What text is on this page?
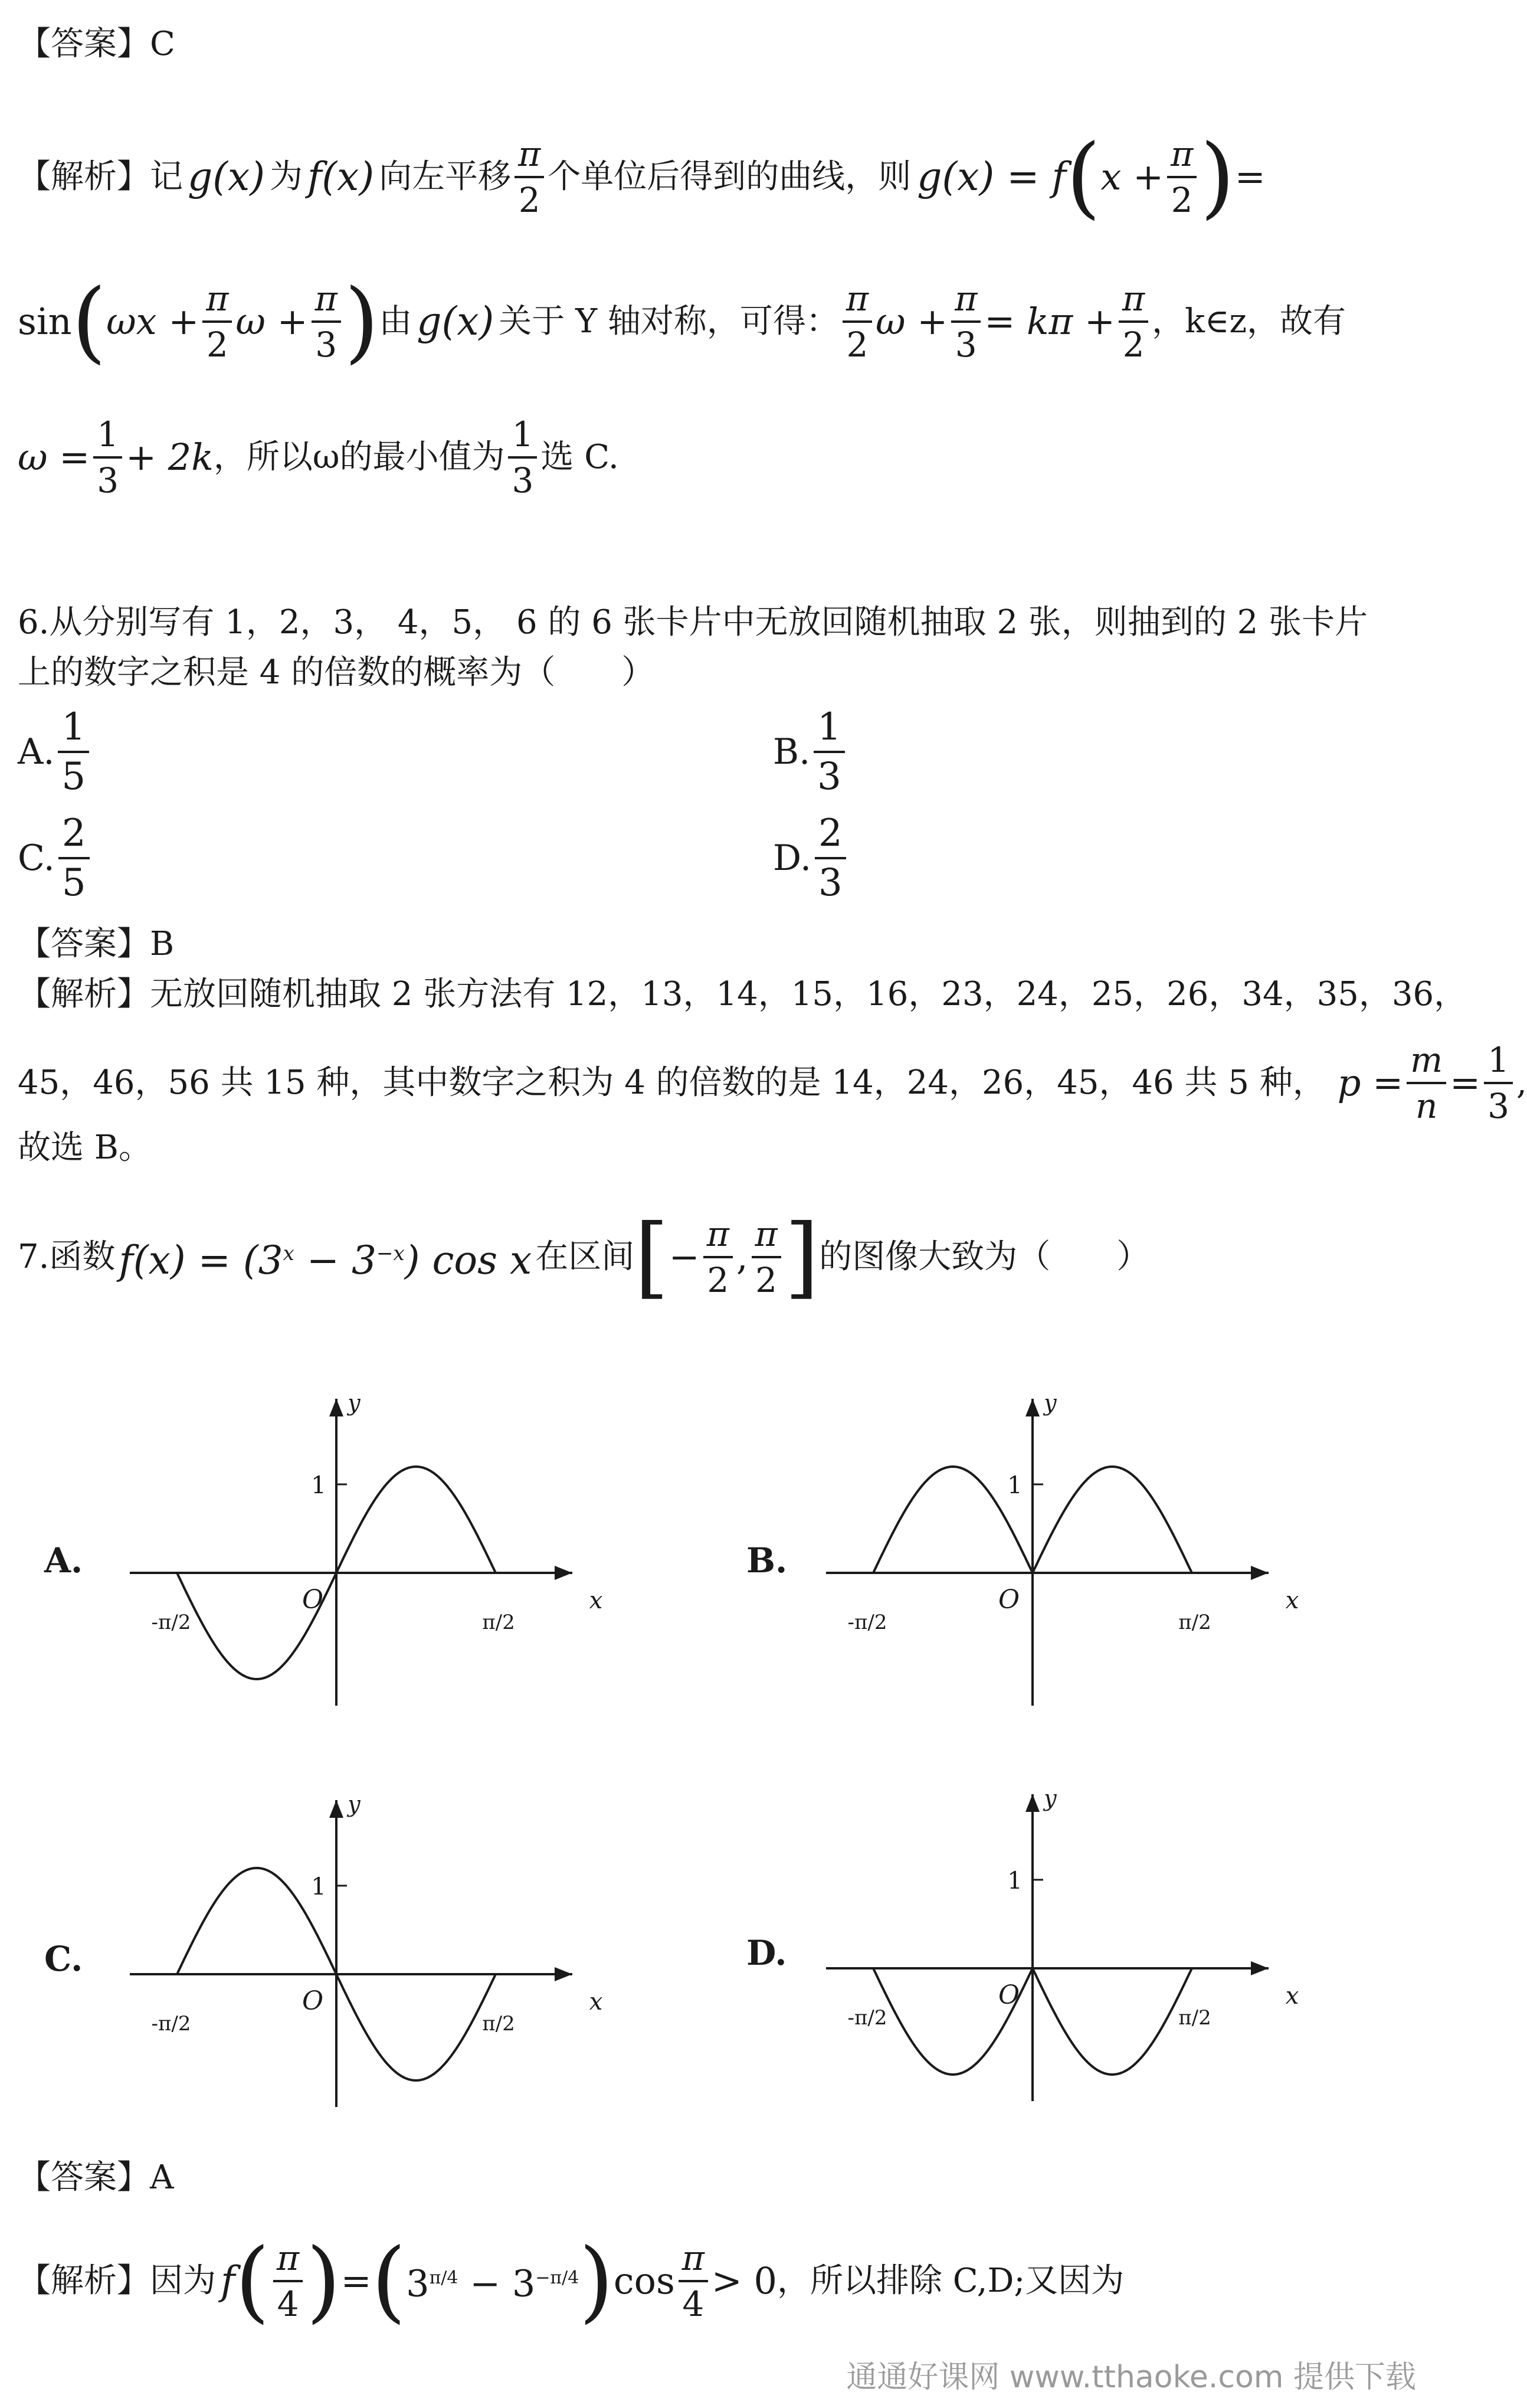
【答案】C
【解析】记 g(x) 为 f(x) 向左平移 $\frac{\pi}{2}$ 个单位后得到的曲线，则 g(x) = f ( $x + \frac{\pi}{2}$ ) =
sin ( $\omega x + \frac{\pi}{2}$ $\omega + \frac{\pi}{3}$ ) 由 g(x) 关于 Y 轴对称，可得： $\frac{\pi}{2}$ $\omega + \frac{\pi}{3} = k\pi + \frac{\pi}{2}$ ，k∈z，故有
$\omega = \frac{1}{3} + 2k$ ，所以ω的最小值为 $\frac{1}{3}$ 选 C.
6.从分别写有 1，2，3， 4，5， 6 的 6 张卡片中无放回随机抽取 2 张，则抽到的 2 张卡片
上的数字之积是 4 的倍数的概率为（　　）
A. $\frac{1}{5}$	B. $\frac{1}{3}$
C. $\frac{2}{5}$	D. $\frac{2}{3}$
【答案】B
【解析】无放回随机抽取 2 张方法有 12，13，14，15，16，23，24，25，26，34，35，36，
45，46，56 共 15 种，其中数字之积为 4 的倍数的是 14，24，26，45，46 共 5 种， $p = \frac{m}{n} = \frac{1}{3}$ ,
故选 B。
7.函数 $f(x) = (3^x - 3^{-x})$ cos x 在区间 [ − $\frac{\pi}{2}$ , $\frac{\pi}{2}$ ] 的图像大致为（　　）
A.	B.
C.	D.
x
y
1
O
-π/2	π/2
x
y
1
O
-π/2	π/2
x
y
1
O
-π/2	π/2
x
y
1
O
-π/2	π/2
【答案】A
【解析】因为 f ( $\frac{\pi}{4}$ ) = ( $3^{\pi/4} - 3^{-\pi/4}$ ) $\cos \frac{\pi}{4} > 0$ ，所以排除 C,D;又因为
通通好课网 www.tthaoke.com 提供下载
